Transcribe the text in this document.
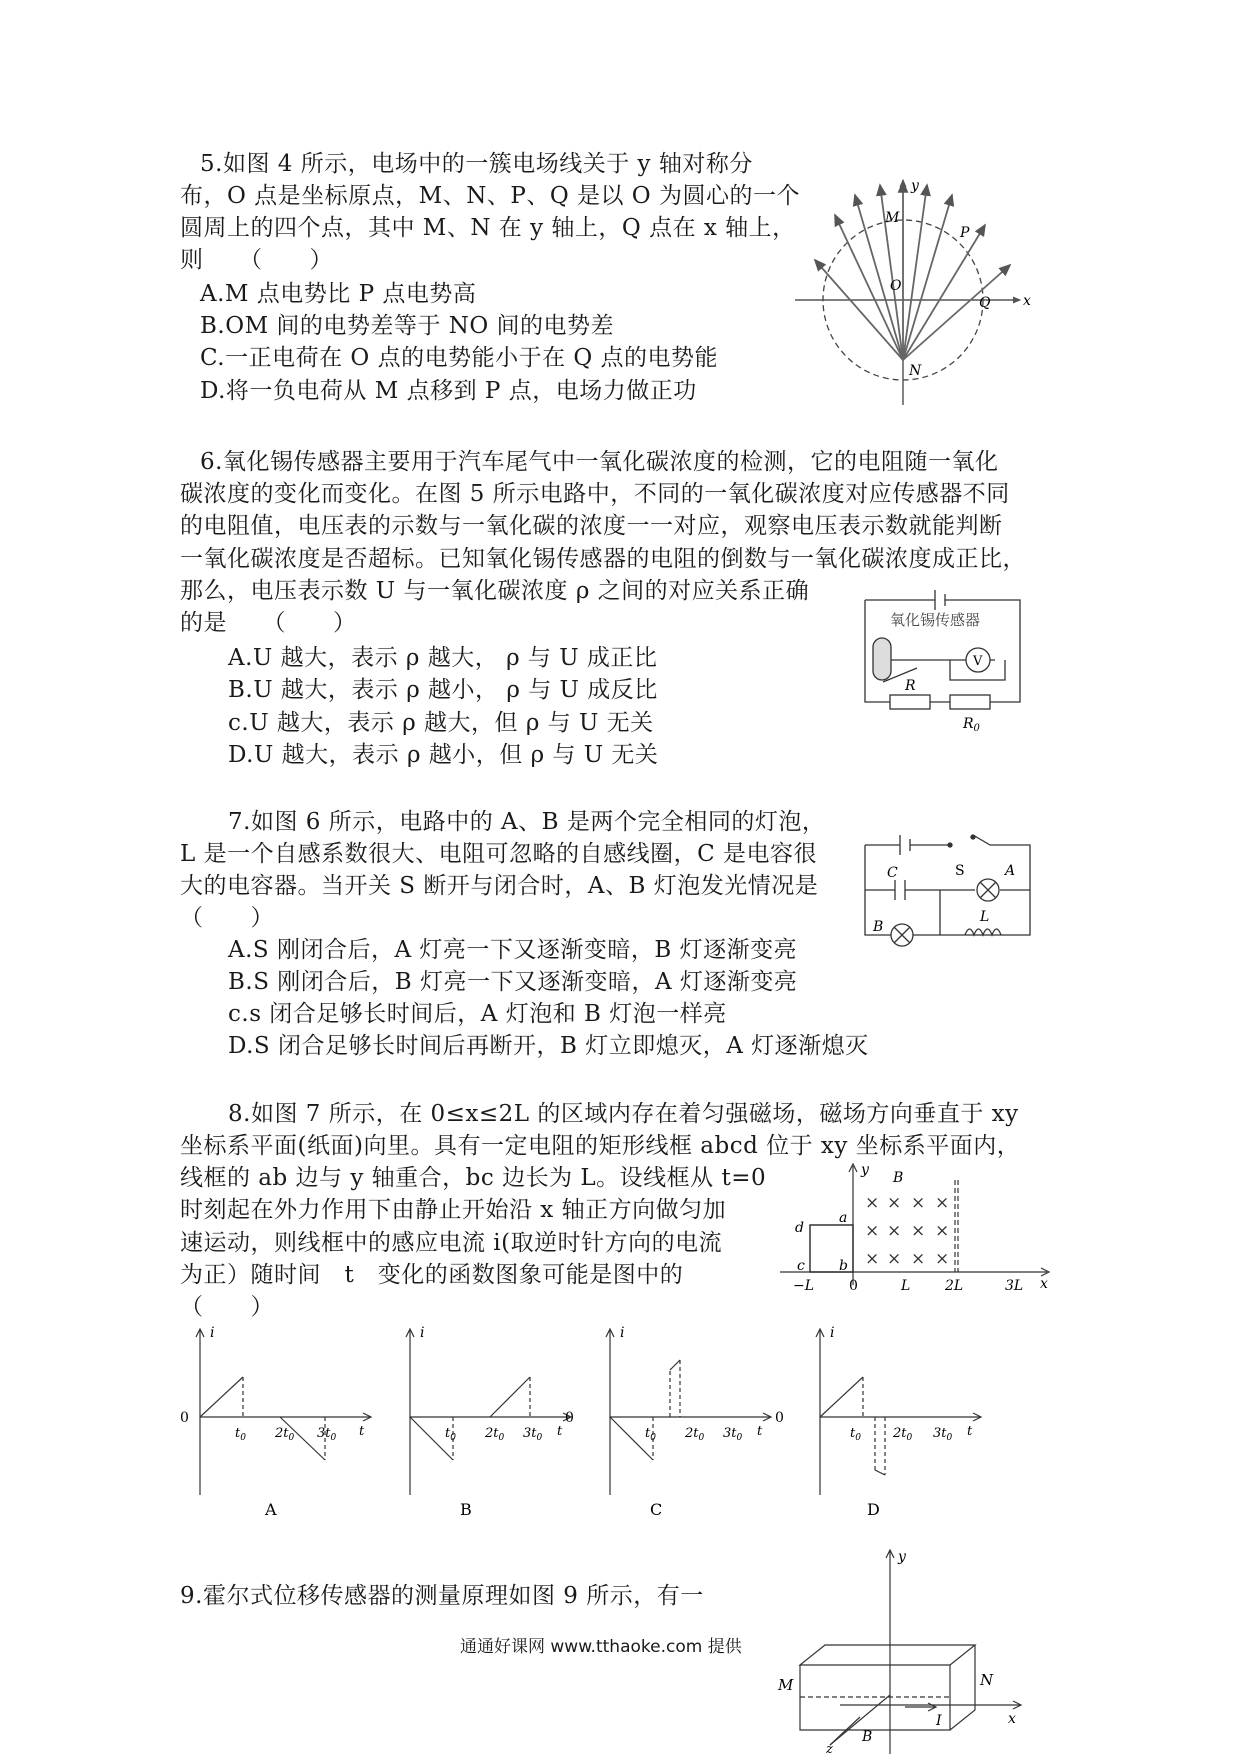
5.如图 4 所示，电场中的一簇电场线关于 y 轴对称分
布，O 点是坐标原点，M、N、P、Q 是以 O 为圆心的一个
圆周上的四个点，其中 M、N 在 y 轴上，Q 点在 x 轴上，
则　　（　　）
A.M 点电势比 P 点电势高
B.OM 间的电势差等于 NO 间的电势差
C.一正电荷在 O 点的电势能小于在 Q 点的电势能
D.将一负电荷从 M 点移到 P 点，电场力做正功
y
x
M
P
O
Q
N
6.氧化锡传感器主要用于汽车尾气中一氧化碳浓度的检测，它的电阻随一氧化
碳浓度的变化而变化。在图 5 所示电路中，不同的一氧化碳浓度对应传感器不同
的电阻值，电压表的示数与一氧化碳的浓度一一对应，观察电压表示数就能判断
一氧化碳浓度是否超标。已知氧化锡传感器的电阻的倒数与一氧化碳浓度成正比，
那么，电压表示数 U 与一氧化碳浓度 ρ 之间的对应关系正确
的是　　（　　）
A.U 越大，表示 ρ 越大， ρ 与 U 成正比
B.U 越大，表示 ρ 越小， ρ 与 U 成反比
c.U 越大，表示 ρ 越大，但 ρ 与 U 无关
D.U 越大，表示 ρ 越小，但 ρ 与 U 无关
氧化锡传感器
V
R
$R_0$
7.如图 6 所示，电路中的 A、B 是两个完全相同的灯泡，
L 是一个自感系数很大、电阻可忽略的自感线圈，C 是电容很
大的电容器。当开关 S 断开与闭合时，A、B 灯泡发光情况是
（　　）
A.S 刚闭合后，A 灯亮一下又逐渐变暗，B 灯逐渐变亮
B.S 刚闭合后，B 灯亮一下又逐渐变暗，A 灯逐渐变亮
c.s 闭合足够长时间后，A 灯泡和 B 灯泡一样亮
D.S 闭合足够长时间后再断开，B 灯立即熄灭，A 灯逐渐熄灭
S
C	A
B
L
8.如图 7 所示，在 0≤x≤2L 的区域内存在着匀强磁场，磁场方向垂直于 xy
坐标系平面(纸面)向里。具有一定电阻的矩形线框 abcd 位于 xy 坐标系平面内，
线框的 ab 边与 y 轴重合，bc 边长为 L。设线框从 t=0
时刻起在外力作用下由静止开始沿 x 轴正方向做匀加
速运动，则线框中的感应电流 i(取逆时针方向的电流
为正）随时间　t　变化的函数图象可能是图中的
（　　）
× × × ×
× × × ×
× × × ×
y B
d
a
c b
−L 0	L 2L	3L x
i
0
$t_0$ $2t_0$ $3t_0$ t
A
i
$t_0$ $2t_0$ $3t_0$ t
B
0
i
$t_0$ $2t_0$ $3t_0$ t
C
0
i
$t_0$ $2t_0$ $3t_0$ t
D
9.霍尔式位移传感器的测量原理如图 9 所示，有一
y
M	N
x
I
B
z
通通好课网 www.tthaoke.com 提供
